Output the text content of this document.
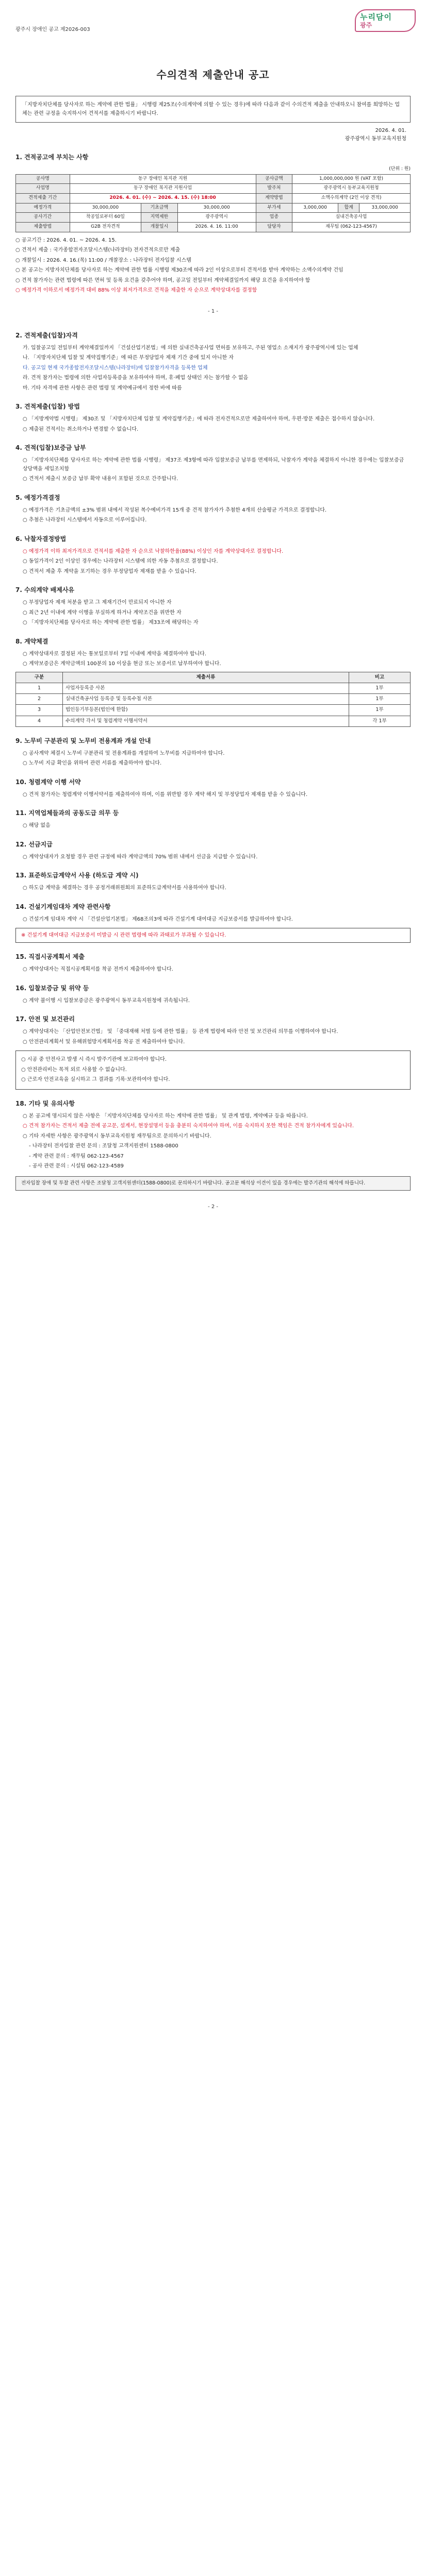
광주시 장애인 공고 제2026-003
누리담이
광주
수의견적 제출안내 공고
「지방자치단체를 당사자로 하는 계약에 관한 법률」 시행령 제25조(수의계약에 의할 수 있는 경우)에 따라 다음과 같이 수의견적 제출을 안내하오니 참여를 희망하는 업체는 관련 규정을 숙지하시어 견적서를 제출하시기 바랍니다.
2026. 4. 01.
광주광역시 동부교육지원청
1. 견적공고에 부치는 사항
(단위 : 원)
공사명	동구 장애인 복지관 지원			공사금액	1,000,000,000 원 (VAT 포함)		
사업명	동구 장애인 복지관 지원사업			발주처	광주광역시 동부교육지원청		
견적제출 기간	2026. 4. 01. (수) ~ 2026. 4. 15. (수) 18:00			계약방법	소액수의계약 (2인 이상 견적)		
예정가격	30,000,000	기초금액	30,000,000	부가세	3,000,000	합계	33,000,000
공사기간	착공일로부터 60일	지역제한	광주광역시	업종	실내건축공사업		
제출방법	G2B 전자견적	개찰일시	2026. 4. 16. 11:00	담당자	재무팀 (062-123-4567)		

○ 공고기간 : 2026. 4. 01. ~ 2026. 4. 15.

○ 견적서 제출 : 국가종합전자조달시스템(나라장터) 전자견적으로만 제출

○ 개찰일시 : 2026. 4. 16.(목) 11:00 / 개찰장소 : 나라장터 전자입찰 시스템

○ 본 공고는 지방자치단체를 당사자로 하는 계약에 관한 법률 시행령 제30조에 따라 2인 이상으로부터 견적서를 받아 계약하는 소액수의계약 건임

○ 견적 참가자는 관련 법령에 따른 면허 및 등록 요건을 갖추어야 하며, 공고일 전일부터 계약체결일까지 해당 요건을 유지하여야 함

○ 예정가격 이하로서 예정가격 대비 88% 이상 최저가격으로 견적을 제출한 자 순으로 계약상대자를 결정함

- 1 -
2. 견적제출(입찰)자격

가. 입찰공고일 전일부터 계약체결일까지 「건설산업기본법」에 의한 실내건축공사업 면허를 보유하고, 주된 영업소 소재지가 광주광역시에 있는 업체

나. 「지방자치단체 입찰 및 계약집행기준」에 따른 부정당업자 제재 기간 중에 있지 아니한 자

다. 공고일 현재 국가종합전자조달시스템(나라장터)에 입찰참가자격을 등록한 업체

라. 견적 참가자는 법령에 의한 사업자등록증을 보유하여야 하며, 휴·폐업 상태인 자는 참가할 수 없음

마. 기타 자격에 관한 사항은 관련 법령 및 계약예규에서 정한 바에 따름

3. 견적제출(입찰) 방법

○ 「지방계약법 시행령」 제30조 및 「지방자치단체 입찰 및 계약집행기준」에 따라 전자견적으로만 제출하여야 하며, 우편·방문 제출은 접수하지 않습니다.

○ 제출된 견적서는 취소하거나 변경할 수 없습니다.

4. 견적(입찰)보증금 납부

○ 「지방자치단체를 당사자로 하는 계약에 관한 법률 시행령」 제37조 제3항에 따라 입찰보증금 납부를 면제하되, 낙찰자가 계약을 체결하지 아니한 경우에는 입찰보증금 상당액을 세입조치함

○ 견적서 제출시 보증금 납부 확약 내용이 포함된 것으로 간주합니다.

5. 예정가격결정

○ 예정가격은 기초금액의 ±3% 범위 내에서 작성된 복수예비가격 15개 중 견적 참가자가 추첨한 4개의 산술평균 가격으로 결정합니다.

○ 추첨은 나라장터 시스템에서 자동으로 이루어집니다.

6. 낙찰자결정방법

○ 예정가격 이하 최저가격으로 견적서를 제출한 자 순으로 낙찰하한율(88%) 이상인 자를 계약상대자로 결정합니다.

○ 동일가격이 2인 이상인 경우에는 나라장터 시스템에 의한 자동 추첨으로 결정합니다.

○ 견적서 제출 후 계약을 포기하는 경우 부정당업자 제재를 받을 수 있습니다.

7. 수의계약 배제사유

○ 부정당업자 제재 처분을 받고 그 제재기간이 만료되지 아니한 자

○ 최근 2년 이내에 계약 이행을 부실하게 하거나 계약조건을 위반한 자

○ 「지방자치단체를 당사자로 하는 계약에 관한 법률」 제33조에 해당하는 자

8. 계약체결

○ 계약상대자로 결정된 자는 통보일로부터 7일 이내에 계약을 체결하여야 합니다.

○ 계약보증금은 계약금액의 100분의 10 이상을 현금 또는 보증서로 납부하여야 합니다.

구분	제출서류	비고
1	사업자등록증 사본	1부
2	실내건축공사업 등록증 및 등록수첩 사본	1부
3	법인등기부등본(법인에 한함)	1부
4	수의계약 각서 및 청렴계약 이행서약서	각 1부
9. 노무비 구분관리 및 노무비 전용계좌 개설 안내

○ 공사계약 체결시 노무비 구분관리 및 전용계좌를 개설하여 노무비를 지급하여야 합니다.

○ 노무비 지급 확인을 위하여 관련 서류를 제출하여야 합니다.

10. 청렴계약 이행 서약

○ 견적 참가자는 청렴계약 이행서약서를 제출하여야 하며, 이를 위반할 경우 계약 해지 및 부정당업자 제재를 받을 수 있습니다.

11. 지역업체들과의 공동도급 의무 등

○ 해당 없음

12. 선금지급

○ 계약상대자가 요청할 경우 관련 규정에 따라 계약금액의 70% 범위 내에서 선금을 지급할 수 있습니다.

13. 표준하도급계약서 사용 (하도급 계약 시)

○ 하도급 계약을 체결하는 경우 공정거래위원회의 표준하도급계약서를 사용하여야 합니다.

14. 건설기계임대차 계약 관련사항

○ 건설기계 임대차 계약 시 「건설산업기본법」 제68조의3에 따라 건설기계 대여대금 지급보증서를 발급하여야 합니다.

※ 건설기계 대여대금 지급보증서 미발급 시 관련 법령에 따라 과태료가 부과될 수 있습니다.
15. 직접시공계획서 제출

○ 계약상대자는 직접시공계획서를 착공 전까지 제출하여야 합니다.

16. 입찰보증금 및 위약 등

○ 계약 불이행 시 입찰보증금은 광주광역시 동부교육지원청에 귀속됩니다.

17. 안전 및 보건관리

○ 계약상대자는 「산업안전보건법」 및 「중대재해 처벌 등에 관한 법률」 등 관계 법령에 따라 안전 및 보건관리 의무를 이행하여야 합니다.

○ 안전관리계획서 및 유해위험방지계획서를 착공 전 제출하여야 합니다.

○ 시공 중 안전사고 발생 시 즉시 발주기관에 보고하여야 합니다.

○ 안전관리비는 목적 외로 사용할 수 없습니다.

○ 근로자 안전교육을 실시하고 그 결과를 기록·보관하여야 합니다.

18. 기타 및 유의사항

○ 본 공고에 명시되지 않은 사항은 「지방자치단체를 당사자로 하는 계약에 관한 법률」 및 관계 법령, 계약예규 등을 따릅니다.

○ 견적 참가자는 견적서 제출 전에 공고문, 설계서, 현장설명서 등을 충분히 숙지하여야 하며, 이를 숙지하지 못한 책임은 견적 참가자에게 있습니다.

○ 기타 자세한 사항은 광주광역시 동부교육지원청 재무팀으로 문의하시기 바랍니다.

- 나라장터 전자입찰 관련 문의 : 조달청 고객지원센터 1588-0800

- 계약 관련 문의 : 재무팀 062-123-4567

- 공사 관련 문의 : 시설팀 062-123-4589

전자입찰 장애 및 투찰 관련 사항은 조달청 고객지원센터(1588-0800)로 문의하시기 바랍니다. 공고문 해석상 이견이 있을 경우에는 발주기관의 해석에 따릅니다.
- 2 -
